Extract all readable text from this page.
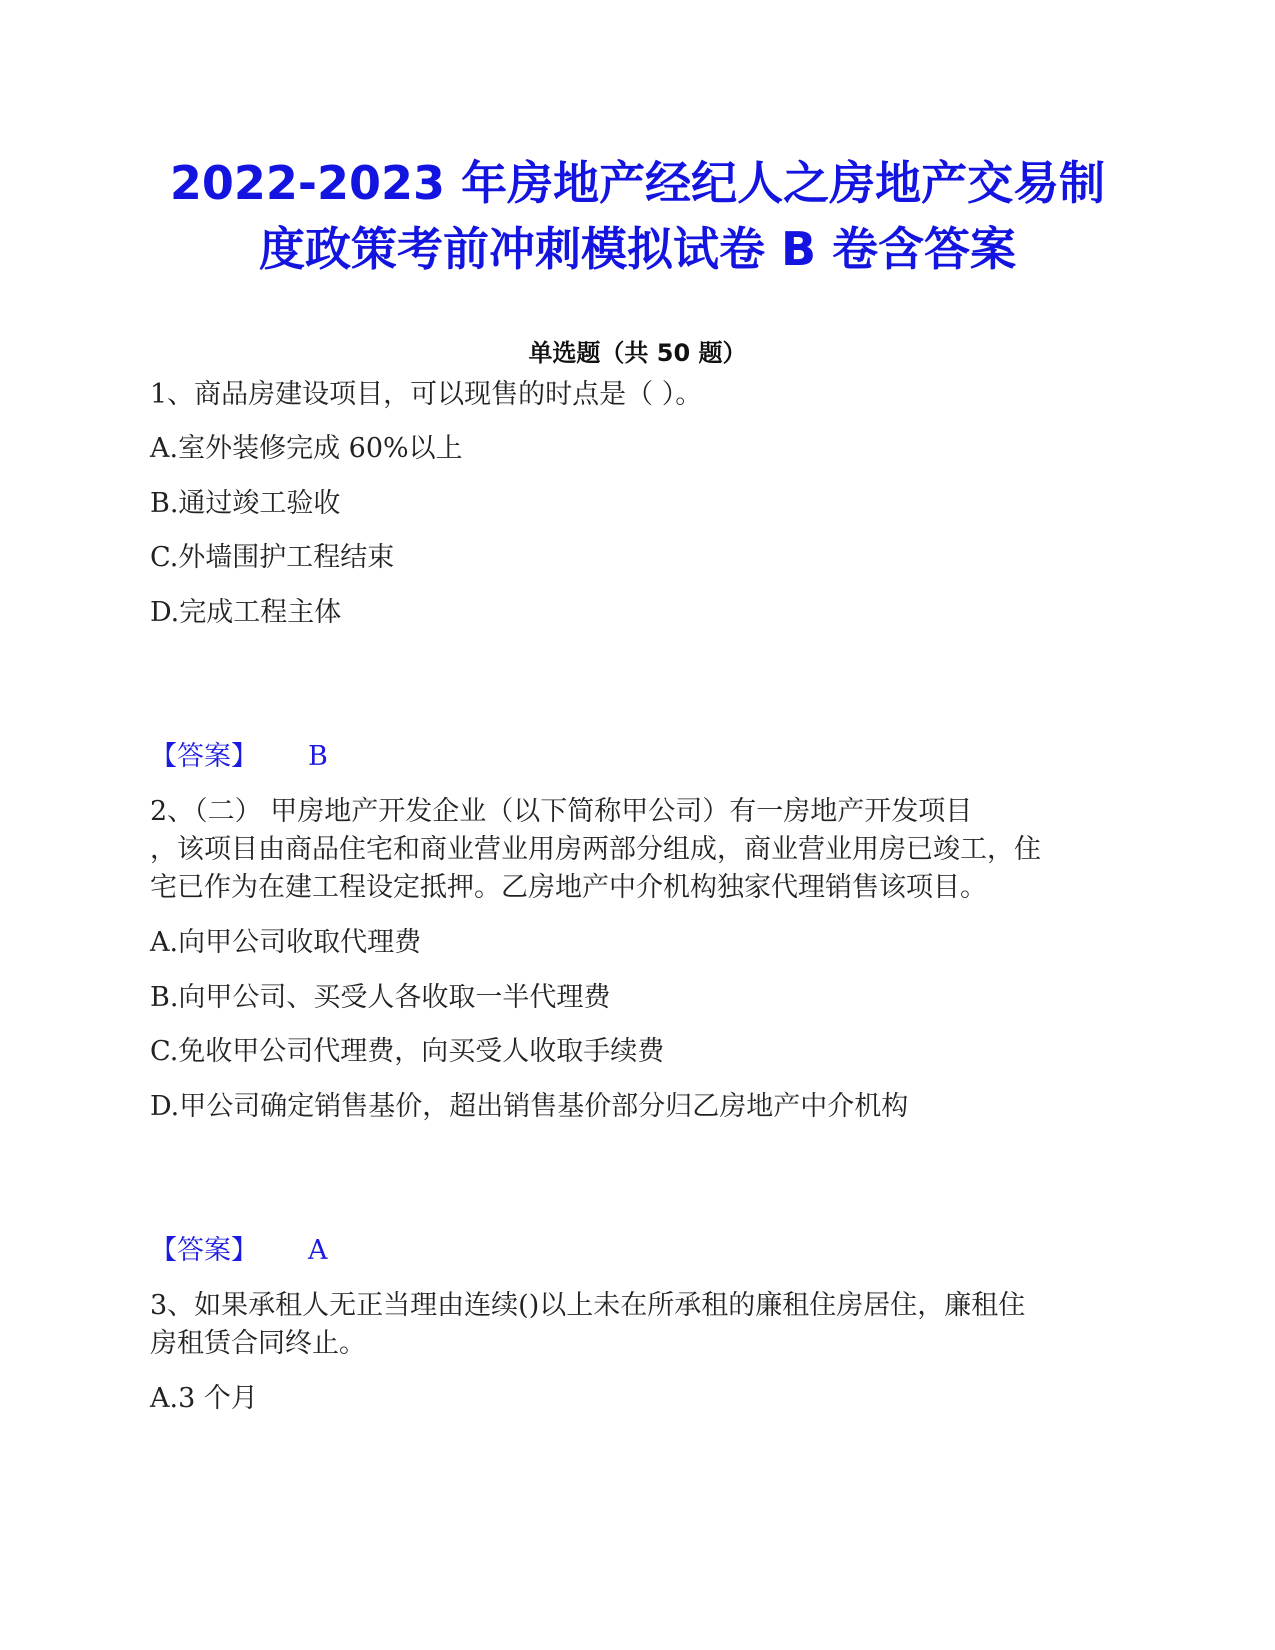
2022-2023 年房地产经纪人之房地产交易制
度政策考前冲刺模拟试卷 B 卷含答案
单选题（共 50 题）

1、商品房建设项目，可以现售的时点是（ ）。

A.室外装修完成 60%以上

B.通过竣工验收

C.外墙围护工程结束

D.完成工程主体

【答案】 B

2、（二） 甲房地产开发企业（以下简称甲公司）有一房地产开发项目

，该项目由商品住宅和商业营业用房两部分组成，商业营业用房已竣工，住

宅已作为在建工程设定抵押。乙房地产中介机构独家代理销售该项目。

A.向甲公司收取代理费

B.向甲公司、买受人各收取一半代理费

C.免收甲公司代理费，向买受人收取手续费

D.甲公司确定销售基价，超出销售基价部分归乙房地产中介机构

【答案】 A

3、如果承租人无正当理由连续()以上未在所承租的廉租住房居住，廉租住

房租赁合同终止。

A.3 个月
